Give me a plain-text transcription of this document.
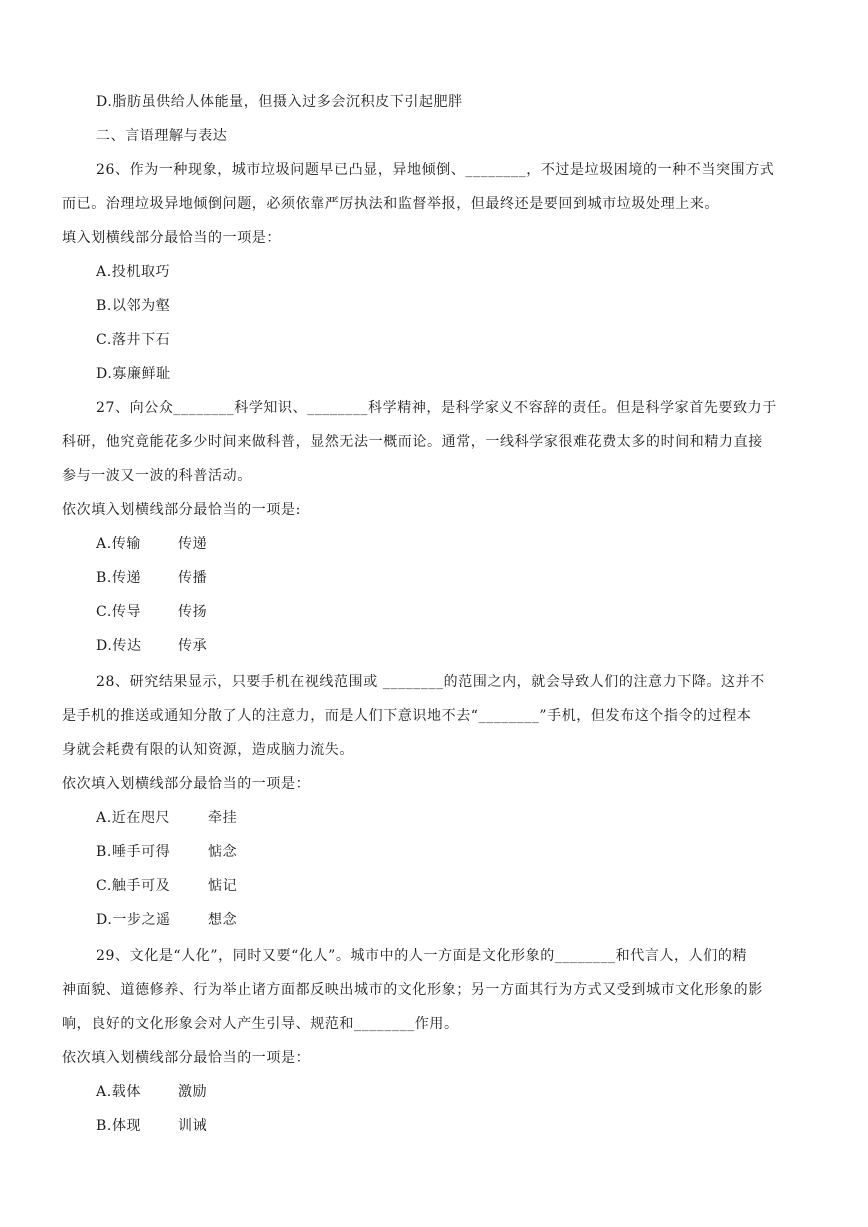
D.脂肪虽供给人体能量，但摄入过多会沉积皮下引起肥胖
二、言语理解与表达
26、作为一种现象，城市垃圾问题早已凸显，异地倾倒、________，不过是垃圾困境的一种不当突围方式
而已。治理垃圾异地倾倒问题，必须依靠严厉执法和监督举报，但最终还是要回到城市垃圾处理上来。
填入划横线部分最恰当的一项是：
A.投机取巧
B.以邻为壑
C.落井下石
D.寡廉鲜耻
27、向公众________科学知识、________科学精神，是科学家义不容辞的责任。但是科学家首先要致力于
科研，他究竟能花多少时间来做科普，显然无法一概而论。通常，一线科学家很难花费太多的时间和精力直接
参与一波又一波的科普活动。
依次填入划横线部分最恰当的一项是:
A.传输	传递
B.传递	传播
C.传导	传扬
D.传达	传承
28、研究结果显示，只要手机在视线范围或 ________的范围之内，就会导致人们的注意力下降。这并不
是手机的推送或通知分散了人的注意力，而是人们下意识地不去“________”手机，但发布这个指令的过程本
身就会耗费有限的认知资源，造成脑力流失。
依次填入划横线部分最恰当的一项是：
A.近在咫尺	牵挂
B.唾手可得	惦念
C.触手可及	惦记
D.一步之遥	想念
29、文化是“人化”，同时又要“化人”。城市中的人一方面是文化形象的________和代言人，人们的精
神面貌、道德修养、行为举止诸方面都反映出城市的文化形象；另一方面其行为方式又受到城市文化形象的影
响，良好的文化形象会对人产生引导、规范和________作用。
依次填入划横线部分最恰当的一项是：
A.载体	激励
B.体现	训诫
